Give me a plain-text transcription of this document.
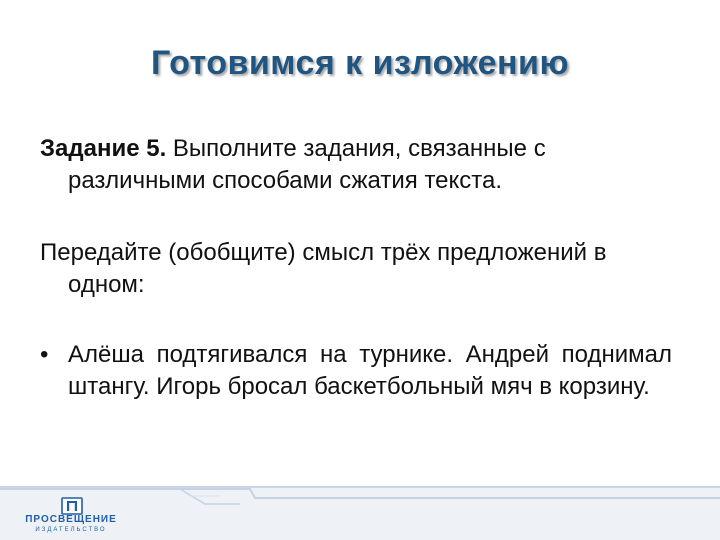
Готовимся к изложению

Задание 5. Выполните задания, связанные с различными способами сжатия текста.

Передайте (обобщите) смысл трёх предложений в одном:

• Алёша подтягивался на турнике. Андрей поднимал штангу. Игорь бросал баскетбольный мяч в корзину.
ПРОСВЕЩЕНИЕ
ИЗДАТЕЛЬСТВО
